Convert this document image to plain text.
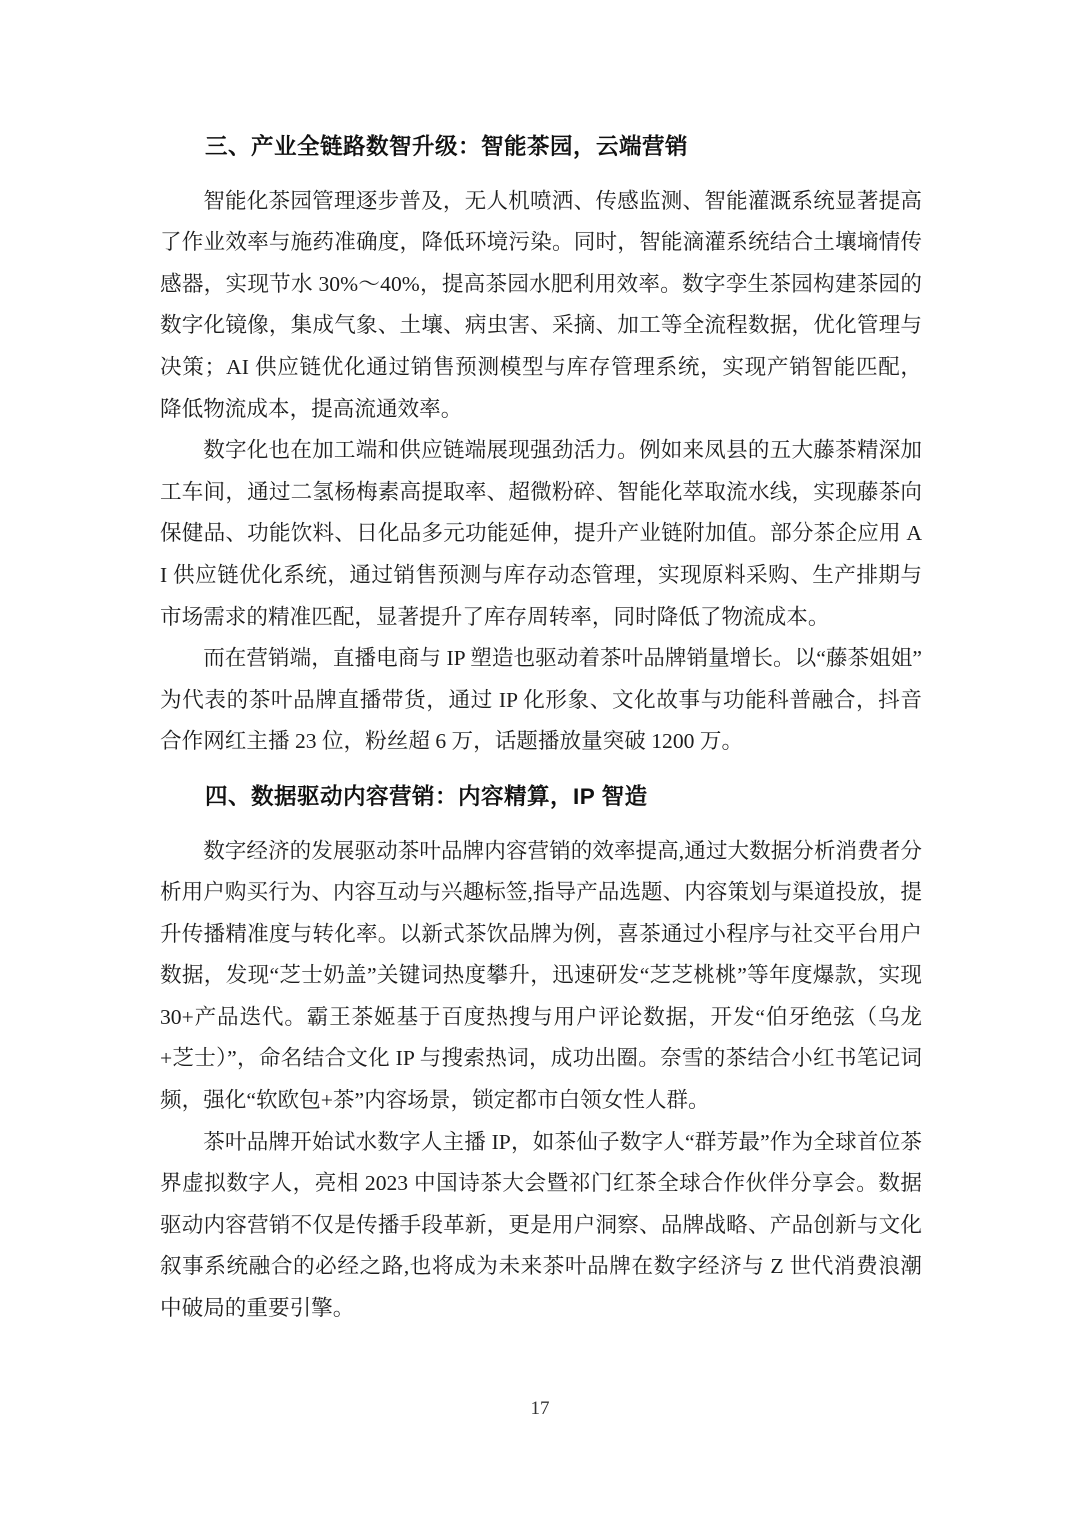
三、产业全链路数智升级：智能茶园，云端营销

智能化茶园管理逐步普及，无人机喷洒、传感监测、智能灌溉系统显著提高了作业效率与施药准确度，降低环境污染。同时，智能滴灌系统结合土壤墒情传感器，实现节水 30%～40%，提高茶园水肥利用效率。数字孪生茶园构建茶园的数字化镜像，集成气象、土壤、病虫害、采摘、加工等全流程数据，优化管理与决策；AI 供应链优化通过销售预测模型与库存管理系统，实现产销智能匹配，降低物流成本，提高流通效率。

数字化也在加工端和供应链端展现强劲活力。例如来凤县的五大藤茶精深加工车间，通过二氢杨梅素高提取率、超微粉碎、智能化萃取流水线，实现藤茶向保健品、功能饮料、日化品多元功能延伸，提升产业链附加值。部分茶企应用 AI 供应链优化系统，通过销售预测与库存动态管理，实现原料采购、生产排期与市场需求的精准匹配，显著提升了库存周转率，同时降低了物流成本。

而在营销端，直播电商与 IP 塑造也驱动着茶叶品牌销量增长。以“藤茶姐姐”为代表的茶叶品牌直播带货，通过 IP 化形象、文化故事与功能科普融合，抖音合作网红主播 23 位，粉丝超 6 万，话题播放量突破 1200 万。

四、数据驱动内容营销：内容精算，IP 智造

数字经济的发展驱动茶叶品牌内容营销的效率提高,通过大数据分析消费者分析用户购买行为、内容互动与兴趣标签,指导产品选题、内容策划与渠道投放，提升传播精准度与转化率。以新式茶饮品牌为例，喜茶通过小程序与社交平台用户数据，发现“芝士奶盖”关键词热度攀升，迅速研发“芝芝桃桃”等年度爆款，实现 30+产品迭代。霸王茶姬基于百度热搜与用户评论数据，开发“伯牙绝弦（乌龙+芝士）”，命名结合文化 IP 与搜索热词，成功出圈。奈雪的茶结合小红书笔记词频，强化“软欧包+茶”内容场景，锁定都市白领女性人群。

茶叶品牌开始试水数字人主播 IP，如茶仙子数字人“群芳最”作为全球首位茶界虚拟数字人，亮相 2023 中国诗茶大会暨祁门红茶全球合作伙伴分享会。数据驱动内容营销不仅是传播手段革新，更是用户洞察、品牌战略、产品创新与文化叙事系统融合的必经之路,也将成为未来茶叶品牌在数字经济与 Z 世代消费浪潮中破局的重要引擎。

17
